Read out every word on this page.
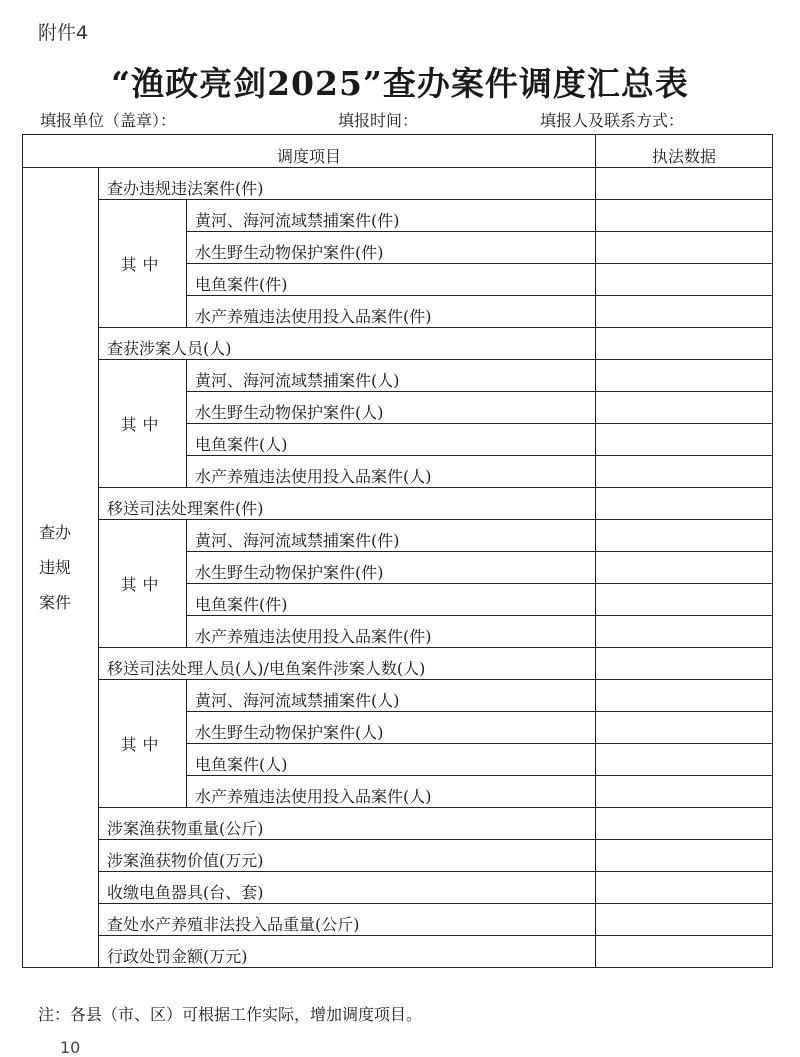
附件4
“渔政亮剑2025”查办案件调度汇总表
填报单位（盖章）：	填报时间：	填报人及联系方式：
调度项目			执法数据
查办
违规
案件	查办违规违法案件(件)		
	其中	黄河、海河流域禁捕案件(件)	
		水生野生动物保护案件(件)	
		电鱼案件(件)	
		水产养殖违法使用投入品案件(件)	
	查获涉案人员(人)		
	其中	黄河、海河流域禁捕案件(人)	
		水生野生动物保护案件(人)	
		电鱼案件(人)	
		水产养殖违法使用投入品案件(人)	
	移送司法处理案件(件)		
	其中	黄河、海河流域禁捕案件(件)	
		水生野生动物保护案件(件)	
		电鱼案件(件)	
		水产养殖违法使用投入品案件(件)	
	移送司法处理人员(人)/电鱼案件涉案人数(人)		
	其中	黄河、海河流域禁捕案件(人)	
		水生野生动物保护案件(人)	
		电鱼案件(人)	
		水产养殖违法使用投入品案件(人)	
	涉案渔获物重量(公斤)		
	涉案渔获物价值(万元)		
	收缴电鱼器具(台、套)		
	查处水产养殖非法投入品重量(公斤)		
	行政处罚金额(万元)		
注：各县（市、区）可根据工作实际，增加调度项目。
10
